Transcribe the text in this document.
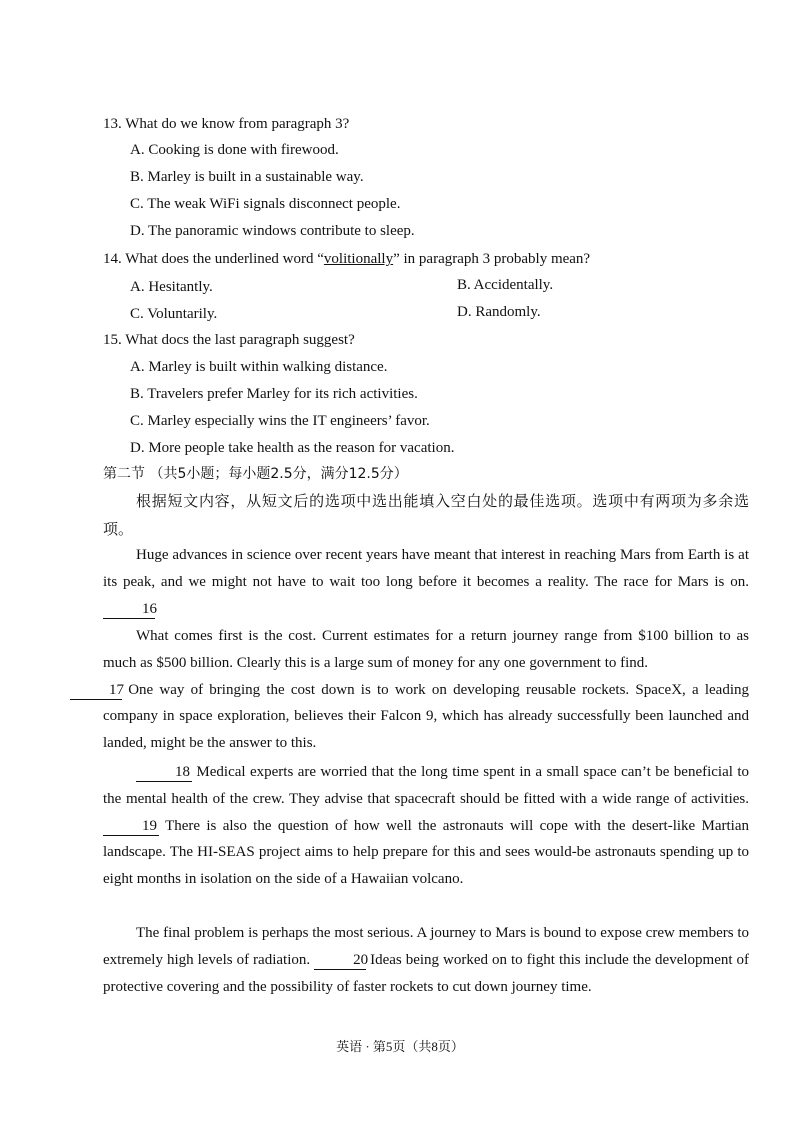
13. What do we know from paragraph 3?
A. Cooking is done with firewood.
B. Marley is built in a sustainable way.
C. The weak WiFi signals disconnect people.
D. The panoramic windows contribute to sleep.
14. What does the underlined word “volitionally” in paragraph 3 probably mean?
A. Hesitantly.	B. Accidentally.
C. Voluntarily.	D. Randomly.
15. What docs the last paragraph suggest?
A. Marley is built within walking distance.
B. Travelers prefer Marley for its rich activities.
C. Marley especially wins the IT engineers’ favor.
D. More people take health as the reason for vacation.
第二节 （共5小题；每小题2.5分，满分12.5分）
根据短文内容，从短文后的选项中选出能填入空白处的最佳选项。选项中有两项为多余选项。
Huge advances in science over recent years have meant that interest in reaching Mars from Earth is at its peak, and we might not have to wait too long before it becomes a reality. The race for Mars is on. 16
What comes first is the cost. Current estimates for a return journey range from $100 billion to as much as $500 billion. Clearly this is a large sum of money for any one government to find.
17 One way of bringing the cost down is to work on developing reusable rockets. SpaceX, a leading company in space exploration, believes their Falcon 9, which has already successfully been launched and landed, might be the answer to this.
18 Medical experts are worried that the long time spent in a small space can’t be beneficial to the mental health of the crew. They advise that spacecraft should be fitted with a wide range of activities. 19 There is also the question of how well the astronauts will cope with the desert-like Martian landscape. The HI-SEAS project aims to help prepare for this and sees would-be astronauts spending up to eight months in isolation on the side of a Hawaiian volcano.
The final problem is perhaps the most serious. A journey to Mars is bound to expose crew members to extremely high levels of radiation.	20 Ideas being worked on to fight this include the development of protective covering and the possibility of faster rockets to cut down journey time.
英语 · 第5页（共8页）
